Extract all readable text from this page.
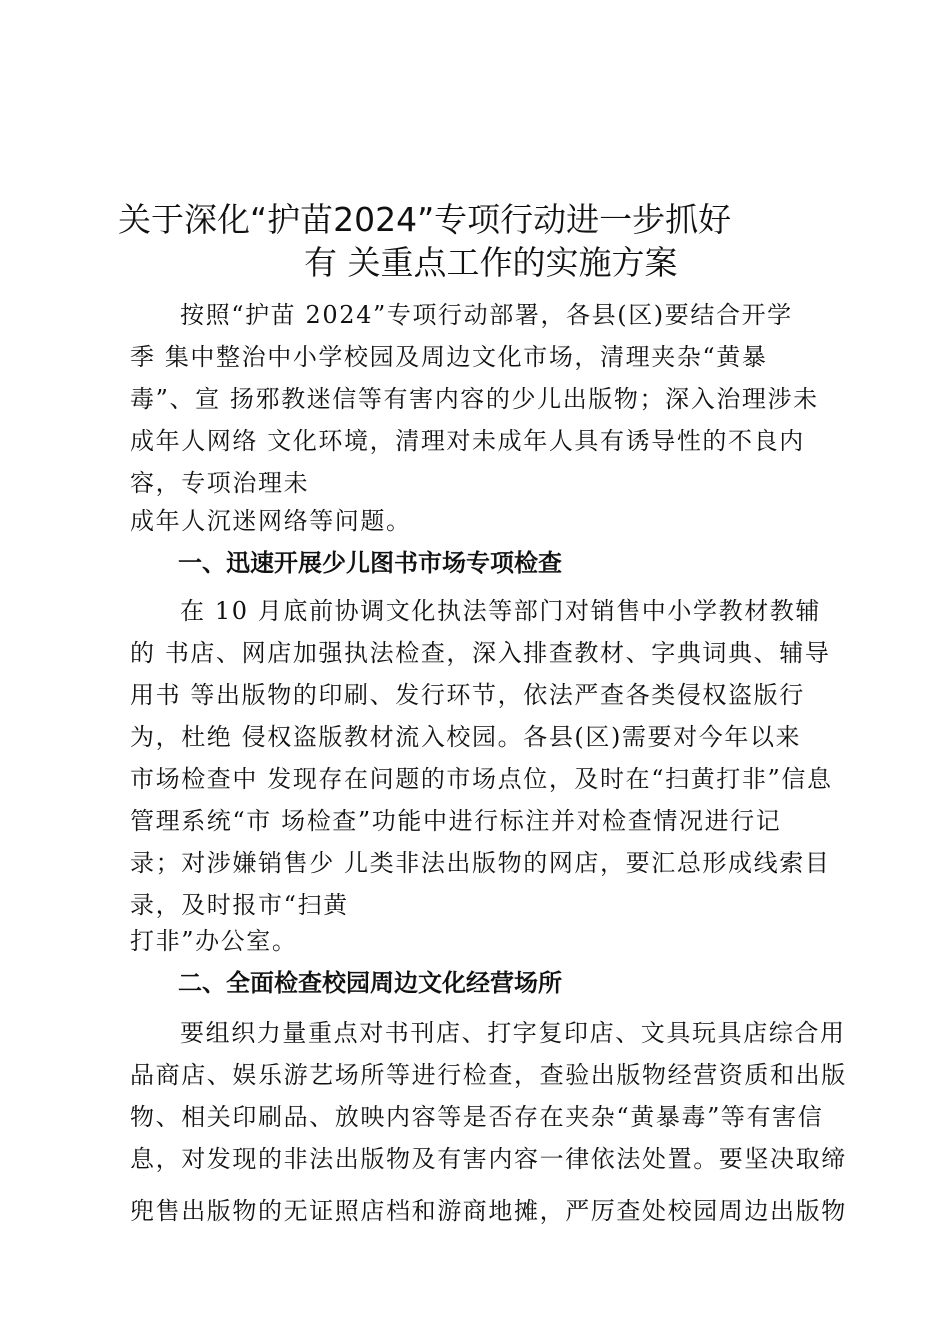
关于深化“护苗2024”专项行动进一步抓好
有 关重点工作的实施方案
按照“护苗 2024”专项行动部署，各县(区)要结合开学
季 集中整治中小学校园及周边文化市场，清理夹杂“黄暴
毒”、宣 扬邪教迷信等有害内容的少儿出版物；深入治理涉未
成年人网络 文化环境，清理对未成年人具有诱导性的不良内
容，专项治理未
成年人沉迷网络等问题。
一、迅速开展少儿图书市场专项检查
在 10 月底前协调文化执法等部门对销售中小学教材教辅
的 书店、网店加强执法检查，深入排查教材、字典词典、辅导
用书 等出版物的印刷、发行环节，依法严查各类侵权盗版行
为，杜绝 侵权盗版教材流入校园。各县(区)需要对今年以来
市场检查中 发现存在问题的市场点位，及时在“扫黄打非”信息
管理系统“市 场检查”功能中进行标注并对检查情况进行记
录；对涉嫌销售少 儿类非法出版物的网店，要汇总形成线索目
录，及时报市“扫黄
打非”办公室。
二、全面检查校园周边文化经营场所
要组织力量重点对书刊店、打字复印店、文具玩具店综合用
品商店、娱乐游艺场所等进行检查，查验出版物经营资质和出版
物、相关印刷品、放映内容等是否存在夹杂“黄暴毒”等有害信
息，对发现的非法出版物及有害内容一律依法处置。要坚决取缔
兜售出版物的无证照店档和游商地摊，严厉查处校园周边出版物
